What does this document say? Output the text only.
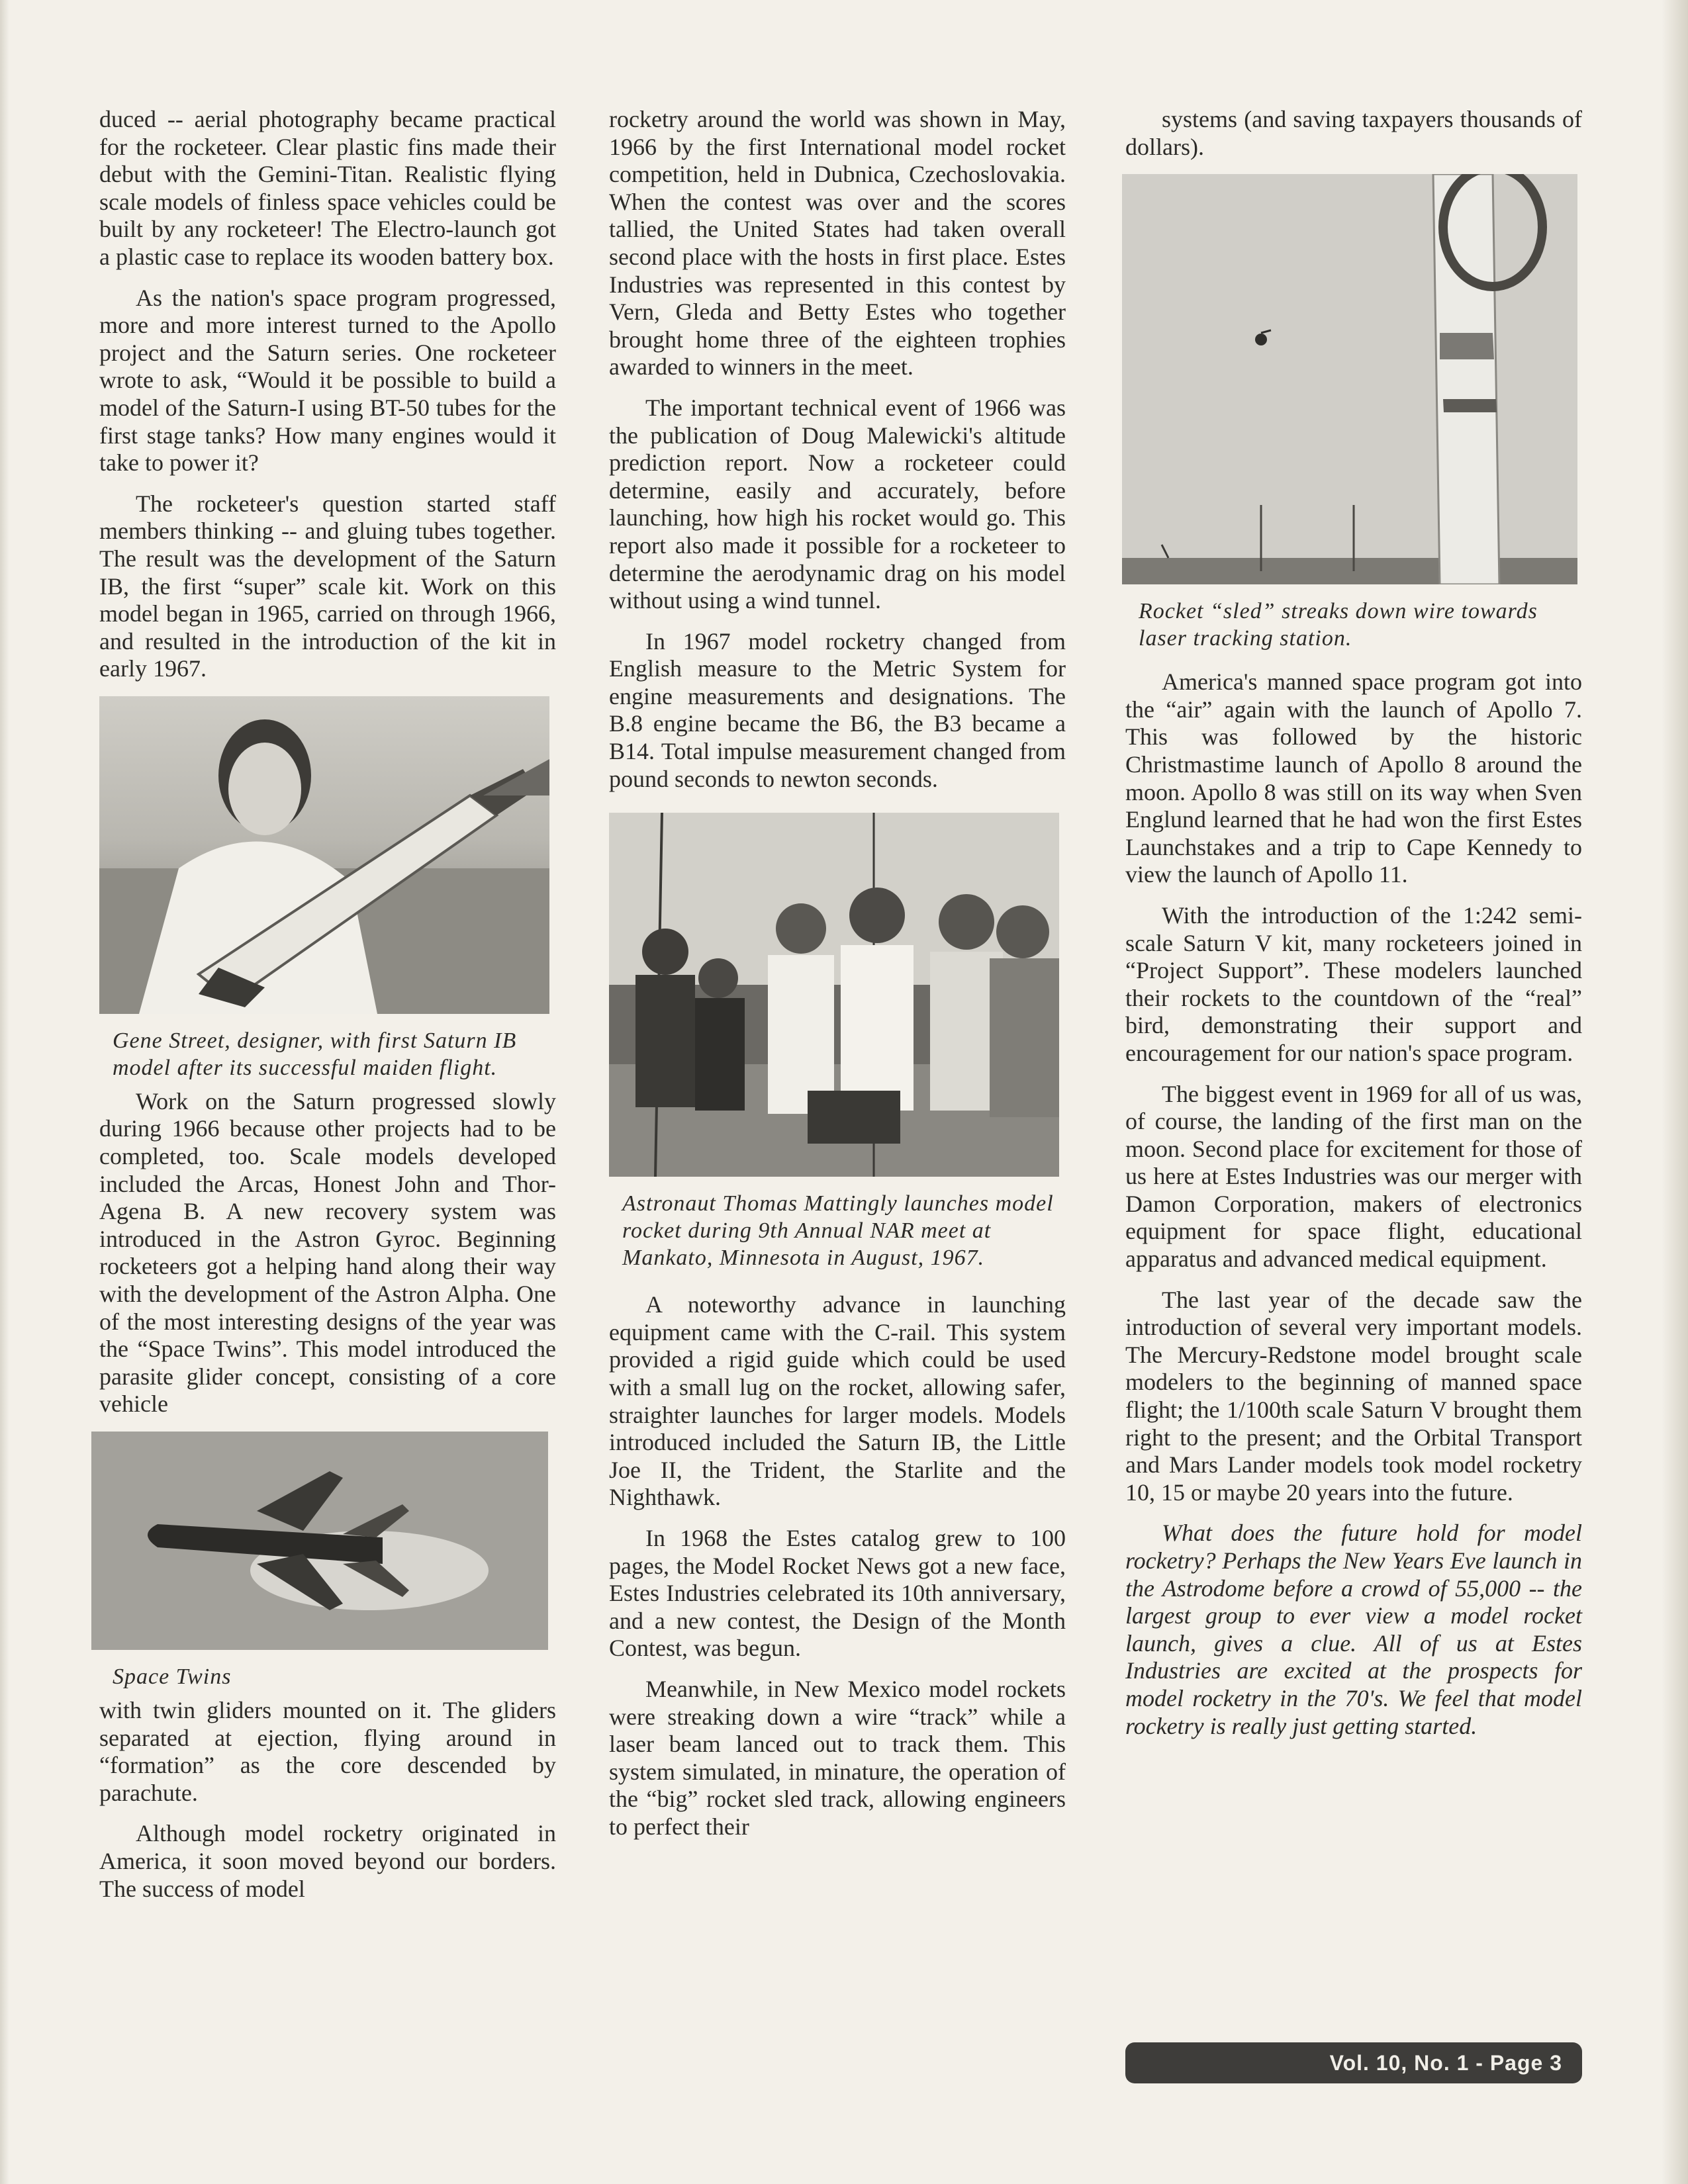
duced -- aerial photography became practical for the rocketeer. Clear plastic fins made their debut with the Gemini-Titan. Realistic flying scale models of finless space vehicles could be built by any rocketeer! The Electro-launch got a plastic case to replace its wooden battery box.

As the nation's space program progressed, more and more interest turned to the Apollo project and the Saturn series. One rocketeer wrote to ask, “Would it be possible to build a model of the Saturn-I using BT-50 tubes for the first stage tanks? How many engines would it take to power it?

The rocketeer's question started staff members thinking -- and gluing tubes together. The result was the development of the Saturn IB, the first “super” scale kit. Work on this model began in 1965, carried on through 1966, and resulted in the introduction of the kit in early 1967.

Gene Street, designer, with first Saturn IB model after its successful maiden flight.

Work on the Saturn progressed slowly during 1966 because other projects had to be completed, too. Scale models developed included the Arcas, Honest John and Thor-Agena B. A new recovery system was introduced in the Astron Gyroc. Beginning rocketeers got a helping hand along their way with the development of the Astron Alpha. One of the most interesting designs of the year was the “Space Twins”. This model introduced the parasite glider concept, consisting of a core vehicle

Space Twins

with twin gliders mounted on it. The gliders separated at ejection, flying around in “formation” as the core descended by parachute.

Although model rocketry originated in America, it soon moved beyond our borders. The success of model

rocketry around the world was shown in May, 1966 by the first International model rocket competition, held in Dubnica, Czechoslovakia. When the contest was over and the scores tallied, the United States had taken overall second place with the hosts in first place. Estes Industries was represented in this contest by Vern, Gleda and Betty Estes who together brought home three of the eighteen trophies awarded to winners in the meet.

The important technical event of 1966 was the publication of Doug Malewicki's altitude prediction report. Now a rocketeer could determine, easily and accurately, before launching, how high his rocket would go. This report also made it possible for a rocketeer to determine the aerodynamic drag on his model without using a wind tunnel.

In 1967 model rocketry changed from English measure to the Metric System for engine measurements and designations. The B.8 engine became the B6, the B3 became a B14. Total impulse measurement changed from pound seconds to newton seconds.

Astronaut Thomas Mattingly launches model rocket during 9th Annual NAR meet at Mankato, Minnesota in August, 1967.

A noteworthy advance in launching equipment came with the C-rail. This system provided a rigid guide which could be used with a small lug on the rocket, allowing safer, straighter launches for larger models. Models introduced included the Saturn IB, the Little Joe II, the Trident, the Starlite and the Nighthawk.

In 1968 the Estes catalog grew to 100 pages, the Model Rocket News got a new face, Estes Industries celebrated its 10th anniversary, and a new contest, the Design of the Month Contest, was begun.

Meanwhile, in New Mexico model rockets were streaking down a wire “track” while a laser beam lanced out to track them. This system simulated, in minature, the operation of the “big” rocket sled track, allowing engineers to perfect their

systems (and saving taxpayers thousands of dollars).

Rocket “sled” streaks down wire towards laser tracking station.

America's manned space program got into the “air” again with the launch of Apollo 7. This was followed by the historic Christmastime launch of Apollo 8 around the moon. Apollo 8 was still on its way when Sven Englund learned that he had won the first Estes Launchstakes and a trip to Cape Kennedy to view the launch of Apollo 11.

With the introduction of the 1:242 semi-scale Saturn V kit, many rocketeers joined in “Project Support”. These modelers launched their rockets to the countdown of the “real” bird, demonstrating their support and encouragement for our nation's space program.

The biggest event in 1969 for all of us was, of course, the landing of the first man on the moon. Second place for excitement for those of us here at Estes Industries was our merger with Damon Corporation, makers of electronics equipment for space flight, educational apparatus and advanced medical equipment.

The last year of the decade saw the introduction of several very important models. The Mercury-Redstone model brought scale modelers to the beginning of manned space flight; the 1/100th scale Saturn V brought them right to the present; and the Orbital Transport and Mars Lander models took model rocketry 10, 15 or maybe 20 years into the future.

What does the future hold for model rocketry? Perhaps the New Years Eve launch in the Astrodome before a crowd of 55,000 -- the largest group to ever view a model rocket launch, gives a clue. All of us at Estes Industries are excited at the prospects for model rocketry in the 70's. We feel that model rocketry is really just getting started.

Vol. 10, No. 1 - Page 3
